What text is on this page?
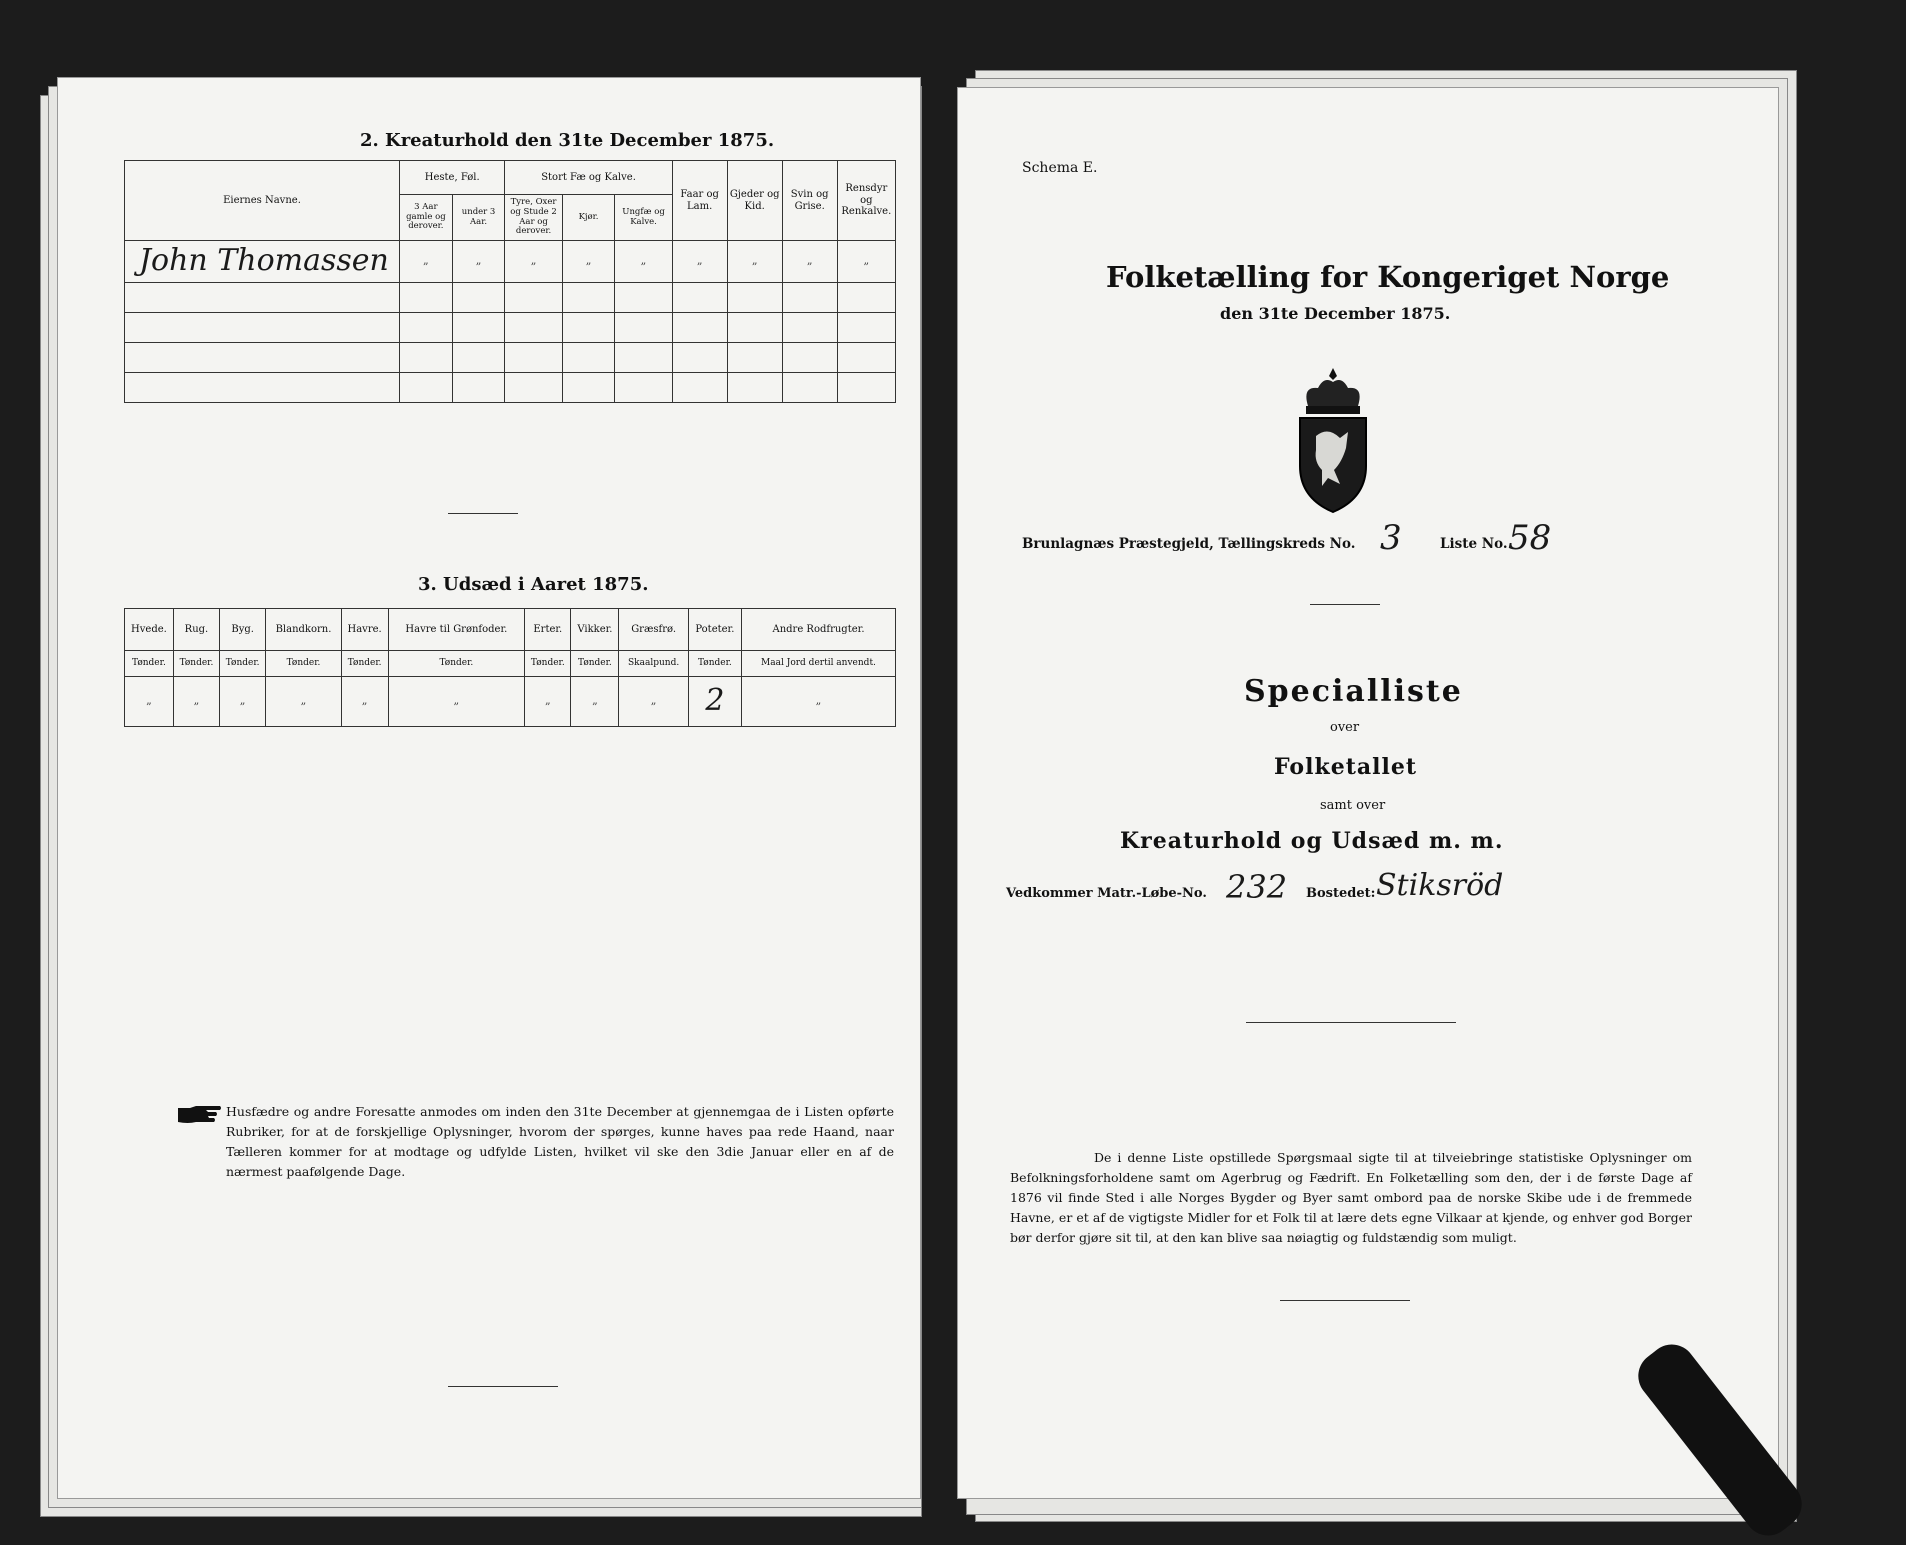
2. Kreaturhold den 31te December 1875.
Eiernes Navne.	Heste, Føl.		Stort Fæ og Kalve.			Faar og Lam.	Gjeder og Kid.	Svin og Grise.	Rensdyr og Renkalve.
	3 Aar gamle og derover.	under 3 Aar.	Tyre, Oxer og Stude 2 Aar og derover.	Kjør.	Ungfæ og Kalve.				
John Thomassen	„	„	„	„	„	„	„	„	„

3. Udsæd i Aaret 1875.
Hvede.	Rug.	Byg.	Blandkorn.	Havre.	Havre til Grønfoder.	Erter.	Vikker.	Græsfrø.	Poteter.	Andre Rodfrugter.
Tønder.	Tønder.	Tønder.	Tønder.	Tønder.	Tønder.	Tønder.	Tønder.	Skaalpund.	Tønder.	Maal Jord dertil anvendt.
„	„	„	„	„	„	„	„	„	2	„
Husfædre og andre Foresatte anmodes om inden den 31te December at gjennemgaa de i Listen opførte Rubriker, for at de forskjellige Oplysninger, hvorom der spørges, kunne haves paa rede Haand, naar Tælleren kommer for at modtage og udfylde Listen, hvilket vil ske den 3die Januar eller en af de nærmest paafølgende Dage.
Schema E.
Folketælling for Kongeriget Norge
den 31te December 1875.
Brunlagnæs Præstegjeld, Tællingskreds No. 3	Liste No. 58
Specialliste
over
Folketallet
samt over
Kreaturhold og Udsæd m. m.
Vedkommer Matr.-Løbe-No. 232 Bostedet: Stiksröd
De i denne Liste opstillede Spørgsmaal sigte til at tilveiebringe statistiske Oplysninger om Befolkningsforholdene samt om Agerbrug og Fædrift. En Folketælling som den, der i de første Dage af 1876 vil finde Sted i alle Norges Bygder og Byer samt ombord paa de norske Skibe ude i de fremmede Havne, er et af de vigtigste Midler for et Folk til at lære dets egne Vilkaar at kjende, og enhver god Borger bør derfor gjøre sit til, at den kan blive saa nøiagtig og fuldstændig som muligt.
